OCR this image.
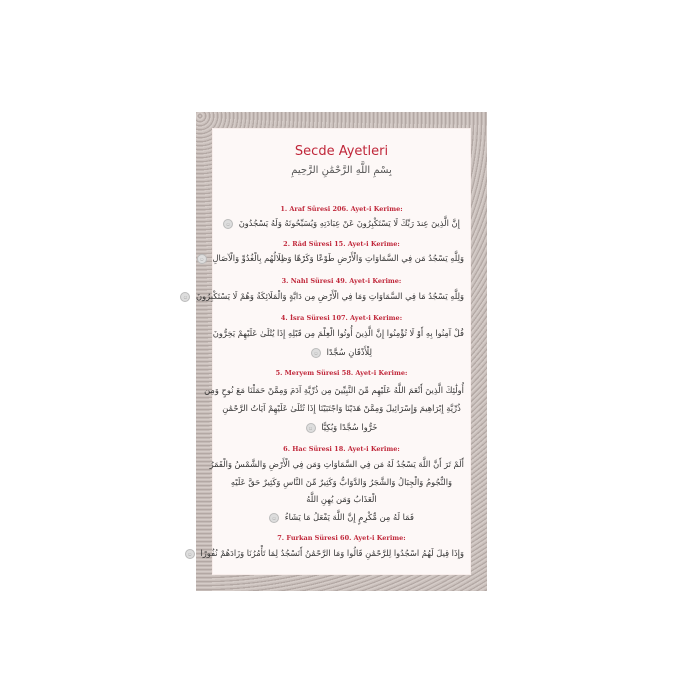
Secde Ayetleri
بِسْمِ اللَّهِ الرَّحْمَٰنِ الرَّحِيمِ
1. Araf Süresi 206. Ayet-i Kerime:
إِنَّ الَّذِينَ عِندَ رَبِّكَ لَا يَسْتَكْبِرُونَ عَنْ عِبَادَتِهِ وَيُسَبِّحُونَهُ وَلَهُ يَسْجُدُونَ ۝
2. Râd Süresi 15. Ayet-i Kerime:
وَلِلَّهِ يَسْجُدُ مَن فِي السَّمَاوَاتِ وَالْأَرْضِ طَوْعًا وَكَرْهًا وَظِلَالُهُم بِالْغُدُوِّ وَالْآصَالِ ۝
3. Nahl Süresi 49. Ayet-i Kerime:
وَلِلَّهِ يَسْجُدُ مَا فِي السَّمَاوَاتِ وَمَا فِي الْأَرْضِ مِن دَابَّةٍ وَالْمَلَائِكَةُ وَهُمْ لَا يَسْتَكْبِرُونَ ۝
4. İsra Süresi 107. Ayet-i Kerime:
قُلْ آمِنُوا بِهِ أَوْ لَا تُؤْمِنُوا إِنَّ الَّذِينَ أُوتُوا الْعِلْمَ مِن قَبْلِهِ إِذَا يُتْلَىٰ عَلَيْهِمْ يَخِرُّونَ
لِلْأَذْقَانِ سُجَّدًا ۝
5. Meryem Süresi 58. Ayet-i Kerime:
أُولَٰئِكَ الَّذِينَ أَنْعَمَ اللَّهُ عَلَيْهِم مِّنَ النَّبِيِّينَ مِن ذُرِّيَّةِ آدَمَ وَمِمَّنْ حَمَلْنَا مَعَ نُوحٍ وَمِن
ذُرِّيَّةِ إِبْرَاهِيمَ وَإِسْرَائِيلَ وَمِمَّنْ هَدَيْنَا وَاجْتَبَيْنَا إِذَا تُتْلَىٰ عَلَيْهِمْ آيَاتُ الرَّحْمَٰنِ
خَرُّوا سُجَّدًا وَبُكِيًّا ۝
6. Hac Süresi 18. Ayet-i Kerime:
أَلَمْ تَرَ أَنَّ اللَّهَ يَسْجُدُ لَهُ مَن فِي السَّمَاوَاتِ وَمَن فِي الْأَرْضِ وَالشَّمْسُ وَالْقَمَرُ
وَالنُّجُومُ وَالْجِبَالُ وَالشَّجَرُ وَالدَّوَابُّ وَكَثِيرٌ مِّنَ النَّاسِ وَكَثِيرٌ حَقَّ عَلَيْهِ
الْعَذَابُ وَمَن يُهِنِ اللَّهُ
فَمَا لَهُ مِن مُّكْرِمٍ إِنَّ اللَّهَ يَفْعَلُ مَا يَشَاءُ ۝
7. Furkan Süresi 60. Ayet-i Kerime:
وَإِذَا قِيلَ لَهُمُ اسْجُدُوا لِلرَّحْمَٰنِ قَالُوا وَمَا الرَّحْمَٰنُ أَنَسْجُدُ لِمَا تَأْمُرُنَا وَزَادَهُمْ نُفُورًا ۝
